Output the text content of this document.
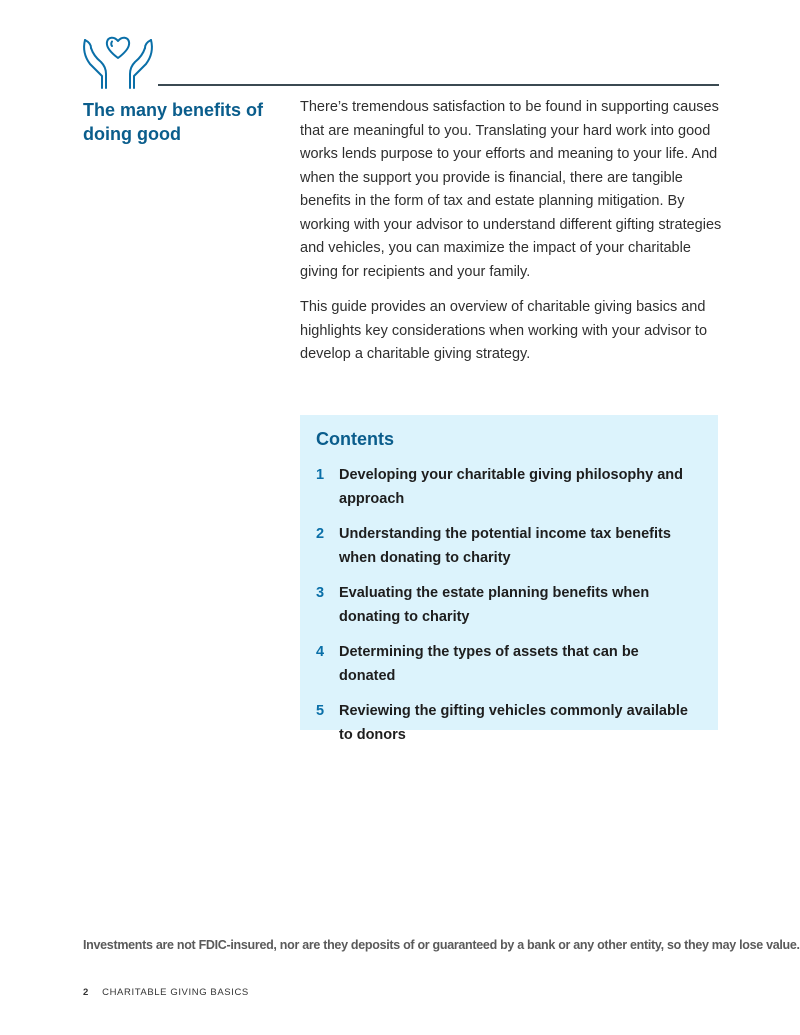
The many benefits of doing good

There’s tremendous satisfaction to be found in supporting causes that are meaningful to you. Translating your hard work into good works lends purpose to your efforts and meaning to your life. And when the support you provide is financial, there are tangible benefits in the form of tax and estate planning mitigation. By working with your advisor to understand different gifting strategies and vehicles, you can maximize the impact of your charitable giving for recipients and your family.

This guide provides an overview of charitable giving basics and highlights key considerations when working with your advisor to develop a charitable giving strategy.

Contents
1	Developing your charitable giving philosophy and approach
2	Understanding the potential income tax benefits when donating to charity
3	Evaluating the estate planning benefits when donating to charity
4	Determining the types of assets that can be donated
5	Reviewing the gifting vehicles commonly available to donors
Investments are not FDIC-insured, nor are they deposits of or guaranteed by a bank or any other entity, so they may lose value.
2 CHARITABLE GIVING BASICS
